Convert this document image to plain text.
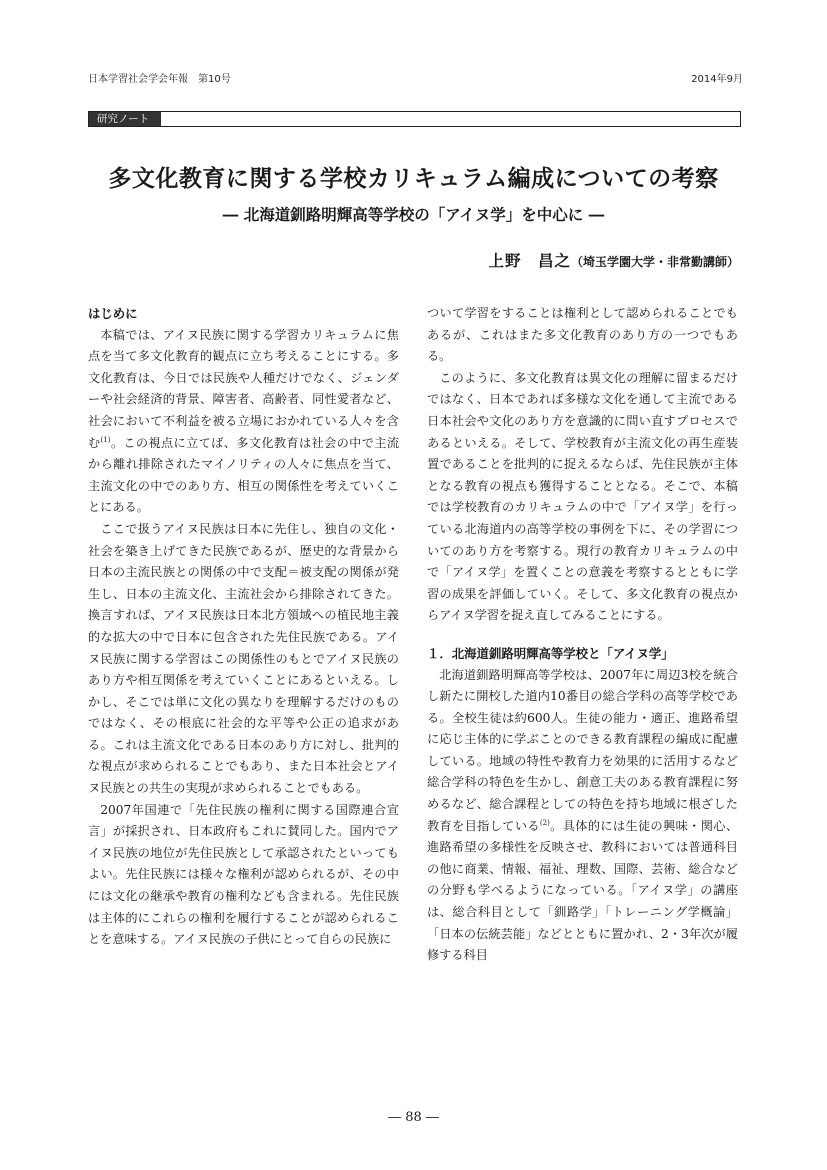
日本学習社会学会年報　第10号	2014年9月
研究ノート
多文化教育に関する学校カリキュラム編成についての考察
― 北海道釧路明輝高等学校の「アイヌ学」を中心に ―
上野　昌之（埼玉学園大学・非常勤講師）
はじめに

本稿では、アイヌ民族に関する学習カリキュラムに焦点を当て多文化教育的観点に立ち考えることにする。多文化教育は、今日では民族や人種だけでなく、ジェンダーや社会経済的背景、障害者、高齢者、同性愛者など、社会において不利益を被る立場におかれている人々を含む$^{(1)}$。この視点に立てば、多文化教育は社会の中で主流から離れ排除されたマイノリティの人々に焦点を当て、主流文化の中でのあり方、相互の関係性を考えていくことにある。

ここで扱うアイヌ民族は日本に先住し、独自の文化・社会を築き上げてきた民族であるが、歴史的な背景から日本の主流民族との関係の中で支配＝被支配の関係が発生し、日本の主流文化、主流社会から排除されてきた。換言すれば、アイヌ民族は日本北方領域への植民地主義的な拡大の中で日本に包含された先住民族である。アイヌ民族に関する学習はこの関係性のもとでアイヌ民族のあり方や相互関係を考えていくことにあるといえる。しかし、そこでは単に文化の異なりを理解するだけのものではなく、その根底に社会的な平等や公正の追求がある。これは主流文化である日本のあり方に対し、批判的な視点が求められることでもあり、また日本社会とアイヌ民族との共生の実現が求められることでもある。

2007年国連で「先住民族の権利に関する国際連合宣言」が採択され、日本政府もこれに賛同した。国内でアイヌ民族の地位が先住民族として承認されたといってもよい。先住民族には様々な権利が認められるが、その中には文化の継承や教育の権利なども含まれる。先住民族は主体的にこれらの権利を履行することが認められることを意味する。アイヌ民族の子供にとって自らの民族に

ついて学習をすることは権利として認められることでもあるが、これはまた多文化教育のあり方の一つでもある。

このように、多文化教育は異文化の理解に留まるだけではなく、日本であれば多様な文化を通して主流である日本社会や文化のあり方を意識的に問い直すプロセスであるといえる。そして、学校教育が主流文化の再生産装置であることを批判的に捉えるならば、先住民族が主体となる教育の視点も獲得することとなる。そこで、本稿では学校教育のカリキュラムの中で「アイヌ学」を行っている北海道内の高等学校の事例を下に、その学習についてのあり方を考察する。現行の教育カリキュラムの中で「アイヌ学」を置くことの意義を考察するとともに学習の成果を評価していく。そして、多文化教育の視点からアイヌ学習を捉え直してみることにする。

１．北海道釧路明輝高等学校と「アイヌ学」

北海道釧路明輝高等学校は、2007年に周辺3校を統合し新たに開校した道内10番目の総合学科の高等学校である。全校生徒は約600人。生徒の能力・適正、進路希望に応じ主体的に学ぶことのできる教育課程の編成に配慮している。地域の特性や教育力を効果的に活用するなど総合学科の特色を生かし、創意工夫のある教育課程に努めるなど、総合課程としての特色を持ち地域に根ざした教育を目指している$^{(2)}$。具体的には生徒の興味・関心、進路希望の多様性を反映させ、教科においては普通科目の他に商業、情報、福祉、理数、国際、芸術、総合などの分野も学べるようになっている。「アイヌ学」の講座は、総合科目として「釧路学」「トレーニング学概論」「日本の伝統芸能」などとともに置かれ、2・3年次が履修する科目

― 88 ―
